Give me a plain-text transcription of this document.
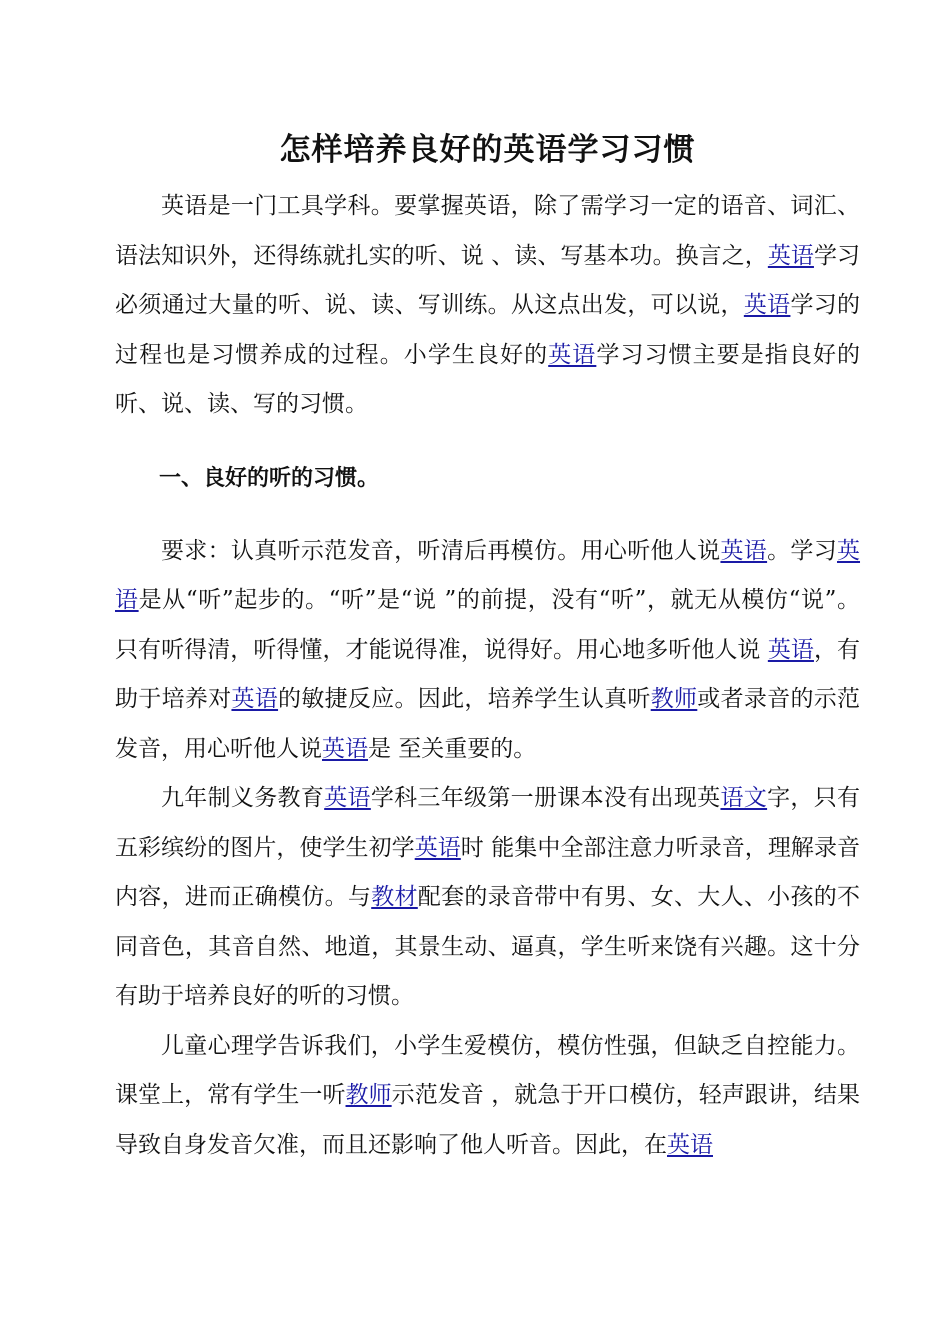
怎样培养良好的英语学习习惯

英语是一门工具学科。要掌握英语，除了需学习一定的语音、词汇、语法知识外，还得练就扎实的听、说 、读、写基本功。换言之，英语学习必须通过大量的听、说、读、写训练。从这点出发，可以说，英语学习的 过程也是习惯养成的过程。小学生良好的英语学习习惯主要是指良好的听、说、读、写的习惯。

一、良好的听的习惯。

要求：认真听示范发音，听清后再模仿。用心听他人说英语。学习英语是从“听”起步的。“听”是“说 ”的前提，没有“听”，就无从模仿“说”。只有听得清，听得懂，才能说得准，说得好。用心地多听他人说 英语，有助于培养对英语的敏捷反应。因此，培养学生认真听教师或者录音的示范发音，用心听他人说英语是 至关重要的。

九年制义务教育英语学科三年级第一册课本没有出现英语文字，只有五彩缤纷的图片，使学生初学英语时 能集中全部注意力听录音，理解录音内容，进而正确模仿。与教材配套的录音带中有男、女、大人、小孩的不 同音色，其音自然、地道，其景生动、逼真，学生听来饶有兴趣。这十分有助于培养良好的听的习惯。

儿童心理学告诉我们，小学生爱模仿，模仿性强，但缺乏自控能力。课堂上，常有学生一听教师示范发音 ，就急于开口模仿，轻声跟讲，结果导致自身发音欠准，而且还影响了他人听音。因此，在英语
